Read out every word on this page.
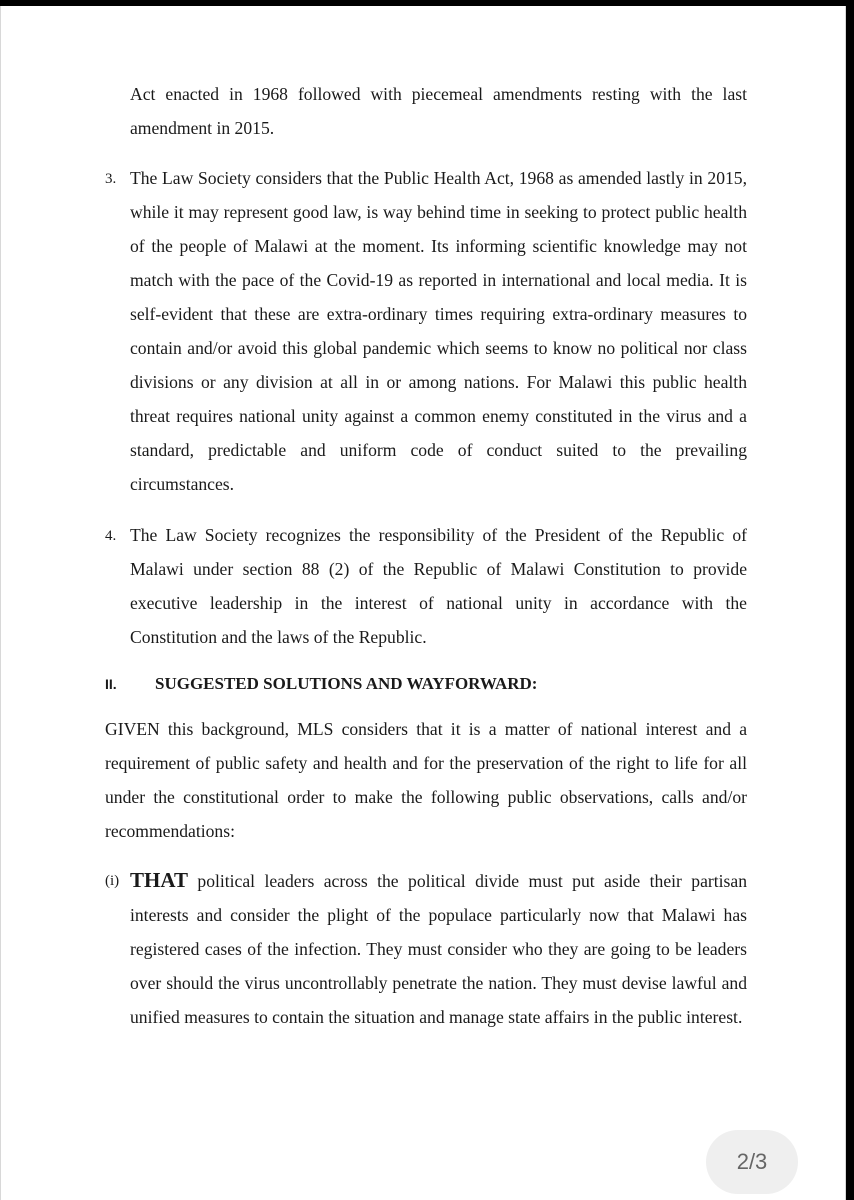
Act enacted in 1968 followed with piecemeal amendments resting with the last amendment in 2015.

3. The Law Society considers that the Public Health Act, 1968 as amended lastly in 2015, while it may represent good law, is way behind time in seeking to protect public health of the people of Malawi at the moment. Its informing scientific knowledge may not match with the pace of the Covid-19 as reported in international and local media. It is self-evident that these are extra-ordinary times requiring extra-ordinary measures to contain and/or avoid this global pandemic which seems to know no political nor class divisions or any division at all in or among nations. For Malawi this public health threat requires national unity against a common enemy constituted in the virus and a standard, predictable and uniform code of conduct suited to the prevailing circumstances.
4. The Law Society recognizes the responsibility of the President of the Republic of Malawi under section 88 (2) of the Republic of Malawi Constitution to provide executive leadership in the interest of national unity in accordance with the Constitution and the laws of the Republic.
II. SUGGESTED SOLUTIONS AND WAYFORWARD:

GIVEN this background, MLS considers that it is a matter of national interest and a requirement of public safety and health and for the preservation of the right to life for all under the constitutional order to make the following public observations, calls and/or recommendations:

(i) THAT political leaders across the political divide must put aside their partisan interests and consider the plight of the populace particularly now that Malawi has registered cases of the infection. They must consider who they are going to be leaders over should the virus uncontrollably penetrate the nation. They must devise lawful and unified measures to contain the situation and manage state affairs in the public interest.
2/3
